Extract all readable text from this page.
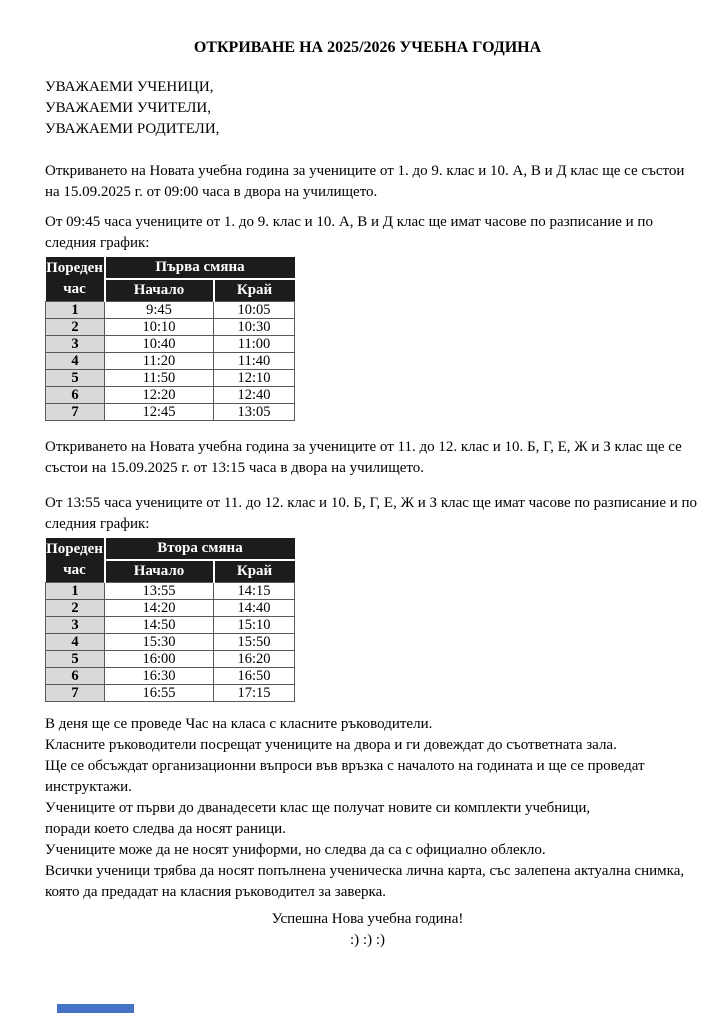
ОТКРИВАНЕ НА 2025/2026 УЧЕБНА ГОДИНА
УВАЖАЕМИ УЧЕНИЦИ,
УВАЖАЕМИ УЧИТЕЛИ,
УВАЖАЕМИ РОДИТЕЛИ,
Откриването на Новата учебна година за учениците от 1. до 9. клас и 10. А, В и Д клас ще се състои
на 15.09.2025 г. от 09:00 часа в двора на училището.
От 09:45 часа учениците от 1. до 9. клас и 10. А, В и Д клас ще имат часове по разписание и по
следния график:
Пореден
час	Първа смяна	
	Начало	Край
1	9:45	10:05
2	10:10	10:30
3	10:40	11:00
4	11:20	11:40
5	11:50	12:10
6	12:20	12:40
7	12:45	13:05
Откриването на Новата учебна година за учениците от 11. до 12. клас и 10. Б, Г, Е, Ж и З клас ще се
състои на 15.09.2025 г. от 13:15 часа в двора на училището.
От 13:55 часа учениците от 11. до 12. клас и 10. Б, Г, Е, Ж и З клас ще имат часове по разписание и по
следния график:
Пореден
час	Втора смяна	
	Начало	Край
1	13:55	14:15
2	14:20	14:40
3	14:50	15:10
4	15:30	15:50
5	16:00	16:20
6	16:30	16:50
7	16:55	17:15
В деня ще се проведе Час на класа с класните ръководители.
Класните ръководители посрещат учениците на двора и ги довеждат до съответната зала.
Ще се обсъждат организационни въпроси във връзка с началото на годината и ще се проведат
инструктажи.
Учениците от първи до дванадесети клас ще получат новите си комплекти учебници,
поради което следва да носят раници.
Учениците може да не носят униформи, но следва да са с официално облекло.
Всички ученици трябва да носят попълнена ученическа лична карта, със залепена актуална снимка,
която да предадат на класния ръководител за заверка.
Успешна Нова учебна година!
:) :) :)
